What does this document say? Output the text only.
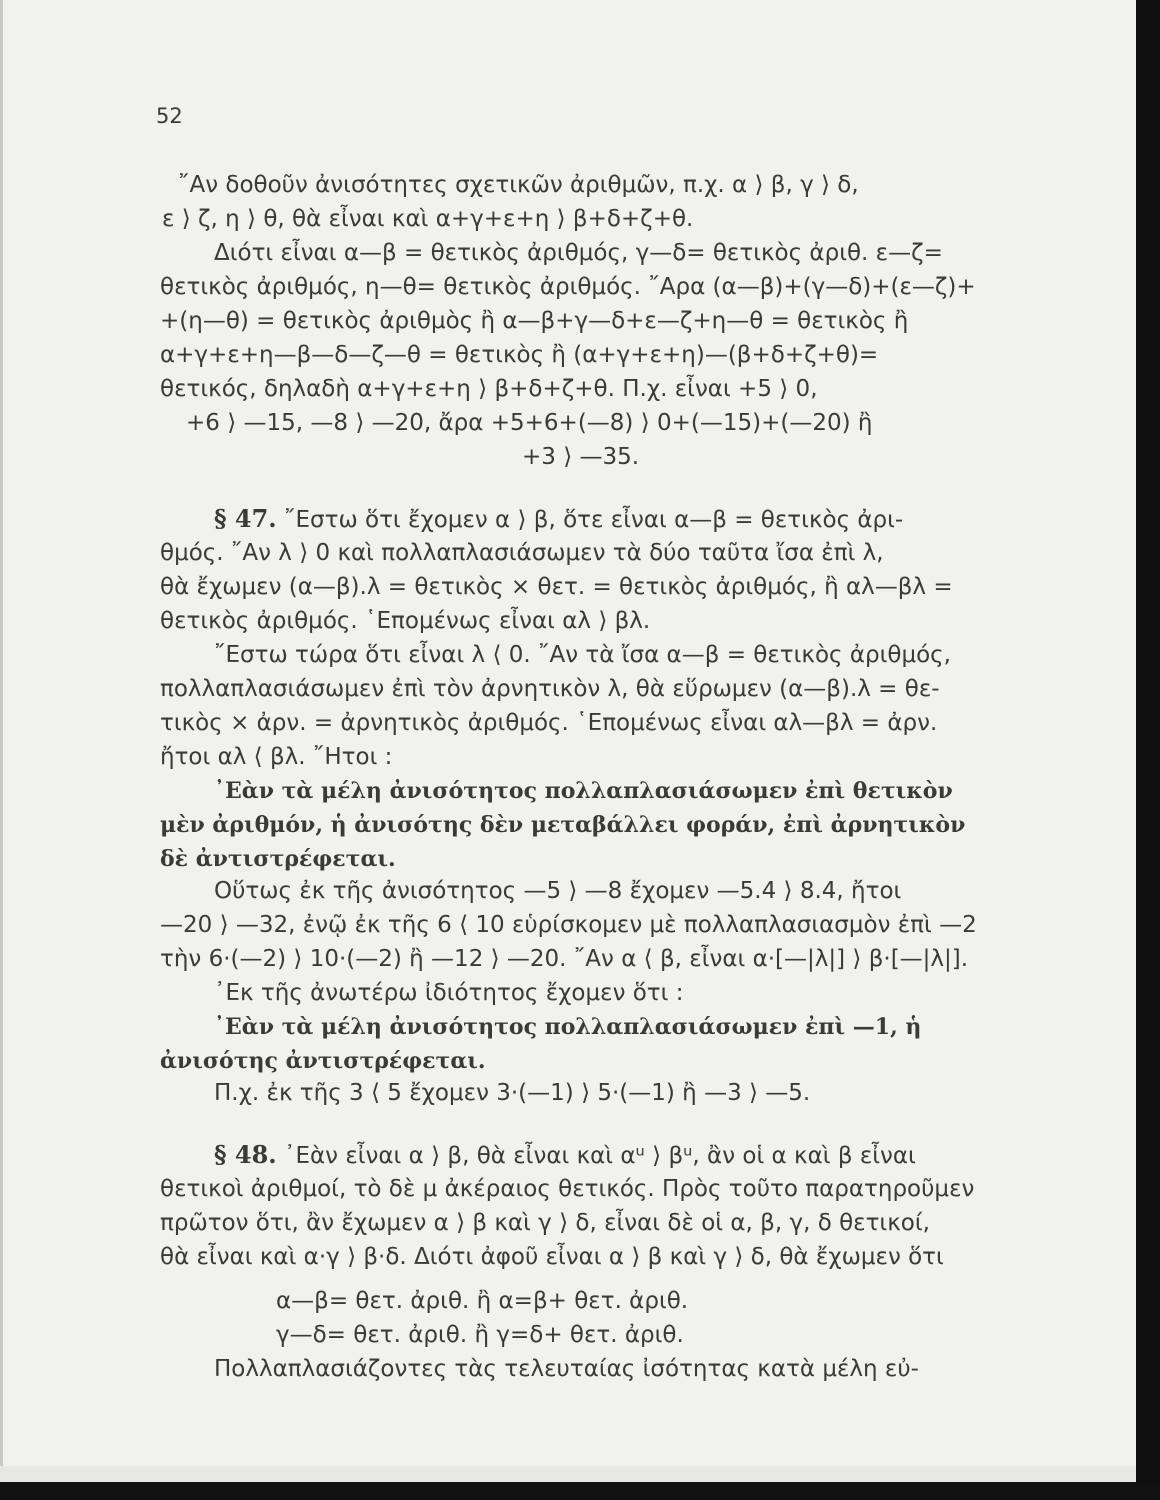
52
῎Αν δοθοῦν ἀνισότητες σχετικῶν ἀριθμῶν, π.χ. α ⟩ β, γ ⟩ δ,
ε ⟩ ζ, η ⟩ θ, θὰ εἶναι καὶ α+γ+ε+η ⟩ β+δ+ζ+θ.
Διότι εἶναι α—β = θετικὸς ἀριθμός, γ—δ= θετικὸς ἀριθ. ε—ζ=
θετικὸς ἀριθμός, η—θ= θετικὸς ἀριθμός. ῎Αρα (α—β)+(γ—δ)+(ε—ζ)+
+(η—θ) = θετικὸς ἀριθμὸς ἢ α—β+γ—δ+ε—ζ+η—θ = θετικὸς ἢ
α+γ+ε+η—β—δ—ζ—θ = θετικὸς ἢ (α+γ+ε+η)—(β+δ+ζ+θ)=
θετικός, δηλαδὴ α+γ+ε+η ⟩ β+δ+ζ+θ. Π.χ. εἶναι +5 ⟩ 0,
+6 ⟩ —15, —8 ⟩ —20, ἄρα +5+6+(—8) ⟩ 0+(—15)+(—20) ἢ
+3 ⟩ —35.
§ 47. ῎Εστω ὅτι ἔχομεν α ⟩ β, ὅτε εἶναι α—β = θετικὸς ἀρι-
θμός. ῎Αν λ ⟩ 0 καὶ πολλαπλασιάσωμεν τὰ δύο ταῦτα ἴσα ἐπὶ λ,
θὰ ἔχωμεν (α—β).λ = θετικὸς × θετ. = θετικὸς ἀριθμός, ἢ αλ—βλ =
θετικὸς ἀριθμός. ῾Επομένως εἶναι αλ ⟩ βλ.
῎Εστω τώρα ὅτι εἶναι λ ⟨ 0. ῎Αν τὰ ἴσα α—β = θετικὸς ἀριθμός,
πολλαπλασιάσωμεν ἐπὶ τὸν ἀρνητικὸν λ, θὰ εὕρωμεν (α—β).λ = θε-
τικὸς × ἀρν. = ἀρνητικὸς ἀριθμός. ῾Επομένως εἶναι αλ—βλ = ἀρν.
ἤτοι αλ ⟨ βλ. ῎Ητοι :
᾿Εὰν τὰ μέλη ἀνισότητος πολλαπλασιάσωμεν ἐπὶ θετικὸν
μὲν ἀριθμόν, ἡ ἀνισότης δὲν μεταβάλλει φοράν, ἐπὶ ἀρνητικὸν
δὲ ἀντιστρέφεται.
Οὕτως ἐκ τῆς ἀνισότητος —5 ⟩ —8 ἔχομεν —5.4 ⟩ 8.4, ἤτοι
—20 ⟩ —32, ἐνῷ ἐκ τῆς 6 ⟨ 10 εὑρίσκομεν μὲ πολλαπλασιασμὸν ἐπὶ —2
τὴν 6·(—2) ⟩ 10·(—2) ἢ —12 ⟩ —20. ῎Αν α ⟨ β, εἶναι α·[—|λ|] ⟩ β·[—|λ|].
᾿Εκ τῆς ἀνωτέρω ἰδιότητος ἔχομεν ὅτι :
᾿Εὰν τὰ μέλη ἀνισότητος πολλαπλασιάσωμεν ἐπὶ —1, ἡ
ἀνισότης ἀντιστρέφεται.
Π.χ. ἐκ τῆς 3 ⟨ 5 ἔχομεν 3·(—1) ⟩ 5·(—1) ἢ —3 ⟩ —5.
§ 48. ᾿Εὰν εἶναι α ⟩ β, θὰ εἶναι καὶ αᵘ ⟩ βᵘ, ἂν οἱ α καὶ β εἶναι
θετικοὶ ἀριθμοί, τὸ δὲ μ ἀκέραιος θετικός. Πρὸς τοῦτο παρατηροῦμεν
πρῶτον ὅτι, ἂν ἔχωμεν α ⟩ β καὶ γ ⟩ δ, εἶναι δὲ οἱ α, β, γ, δ θετικοί,
θὰ εἶναι καὶ α·γ ⟩ β·δ. Διότι ἀφοῦ εἶναι α ⟩ β καὶ γ ⟩ δ, θὰ ἔχωμεν ὅτι
α—β= θετ. ἀριθ. ἢ α=β+ θετ. ἀριθ.
γ—δ= θετ. ἀριθ. ἢ γ=δ+ θετ. ἀριθ.
Πολλαπλασιάζοντες τὰς τελευταίας ἰσότητας κατὰ μέλη εὐ-
